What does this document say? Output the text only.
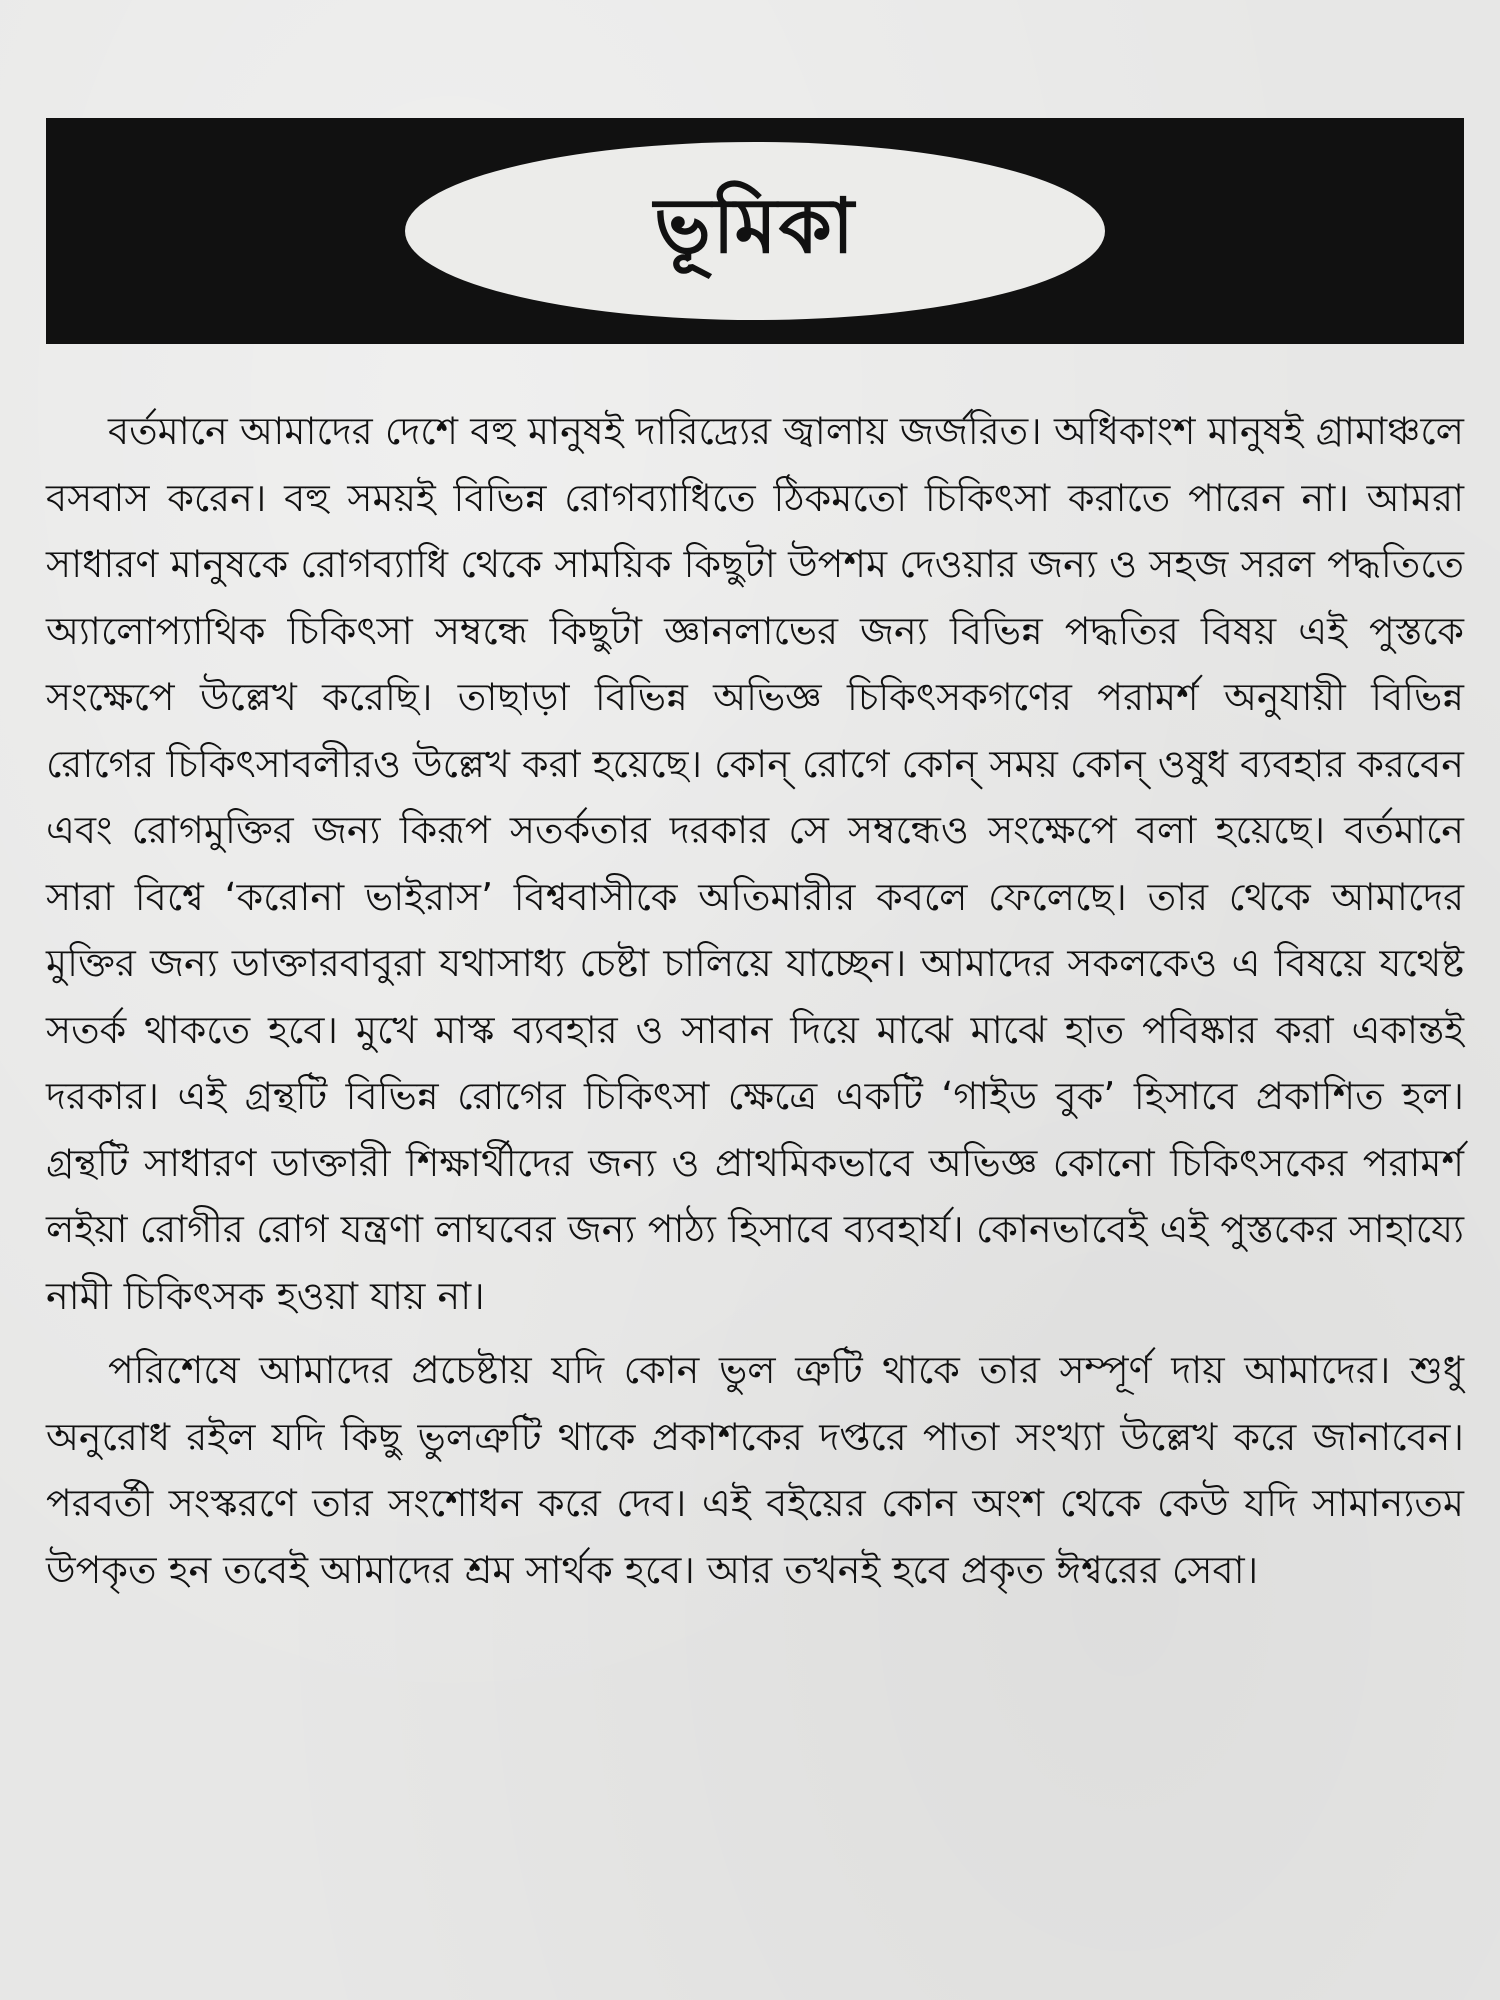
ভূমিকা

বর্তমানে আমাদের দেশে বহু মানুষই দারিদ্র্যের জ্বালায় জর্জরিত। অধিকাংশ মানুষই গ্রামাঞ্চলে বসবাস করেন। বহু সময়ই বিভিন্ন রোগব্যাধিতে ঠিকমতো চিকিৎসা করাতে পারেন না। আমরা সাধারণ মানুষকে রোগব্যাধি থেকে সাময়িক কিছুটা উপশম দেওয়ার জন্য ও সহজ সরল পদ্ধতিতে অ্যালোপ্যাথিক চিকিৎসা সম্বন্ধে কিছুটা জ্ঞানলাভের জন্য বিভিন্ন পদ্ধতির বিষয় এই পুস্তকে সংক্ষেপে উল্লেখ করেছি। তাছাড়া বিভিন্ন অভিজ্ঞ চিকিৎসকগণের পরামর্শ অনুযায়ী বিভিন্ন রোগের চিকিৎসাবলীরও উল্লেখ করা হয়েছে। কোন্ রোগে কোন্ সময় কোন্ ওষুধ ব্যবহার করবেন এবং রোগমুক্তির জন্য কিরূপ সতর্কতার দরকার সে সম্বন্ধেও সংক্ষেপে বলা হয়েছে। বর্তমানে সারা বিশ্বে ‘করোনা ভাইরাস’ বিশ্ববাসীকে অতিমারীর কবলে ফেলেছে। তার থেকে আমাদের মুক্তির জন্য ডাক্তারবাবুরা যথাসাধ্য চেষ্টা চালিয়ে যাচ্ছেন। আমাদের সকলকেও এ বিষয়ে যথেষ্ট সতর্ক থাকতে হবে। মুখে মাস্ক ব্যবহার ও সাবান দিয়ে মাঝে মাঝে হাত পবিষ্কার করা একান্তই দরকার। এই গ্রন্থটি বিভিন্ন রোগের চিকিৎসা ক্ষেত্রে একটি ‘গাইড বুক’ হিসাবে প্রকাশিত হল। গ্রন্থটি সাধারণ ডাক্তারী শিক্ষার্থীদের জন্য ও প্রাথমিকভাবে অভিজ্ঞ কোনো চিকিৎসকের পরামর্শ লইয়া রোগীর রোগ যন্ত্রণা লাঘবের জন্য পাঠ্য হিসাবে ব্যবহার্য। কোনভাবেই এই পুস্তকের সাহায্যে নামী চিকিৎসক হওয়া যায় না।

পরিশেষে আমাদের প্রচেষ্টায় যদি কোন ভুল ত্রুটি থাকে তার সম্পূর্ণ দায় আমাদের। শুধু অনুরোধ রইল যদি কিছু ভুলত্রুটি থাকে প্রকাশকের দপ্তরে পাতা সংখ্যা উল্লেখ করে জানাবেন। পরবর্তী সংস্করণে তার সংশোধন করে দেব। এই বইয়ের কোন অংশ থেকে কেউ যদি সামান্যতম উপকৃত হন তবেই আমাদের শ্রম সার্থক হবে। আর তখনই হবে প্রকৃত ঈশ্বরের সেবা।
